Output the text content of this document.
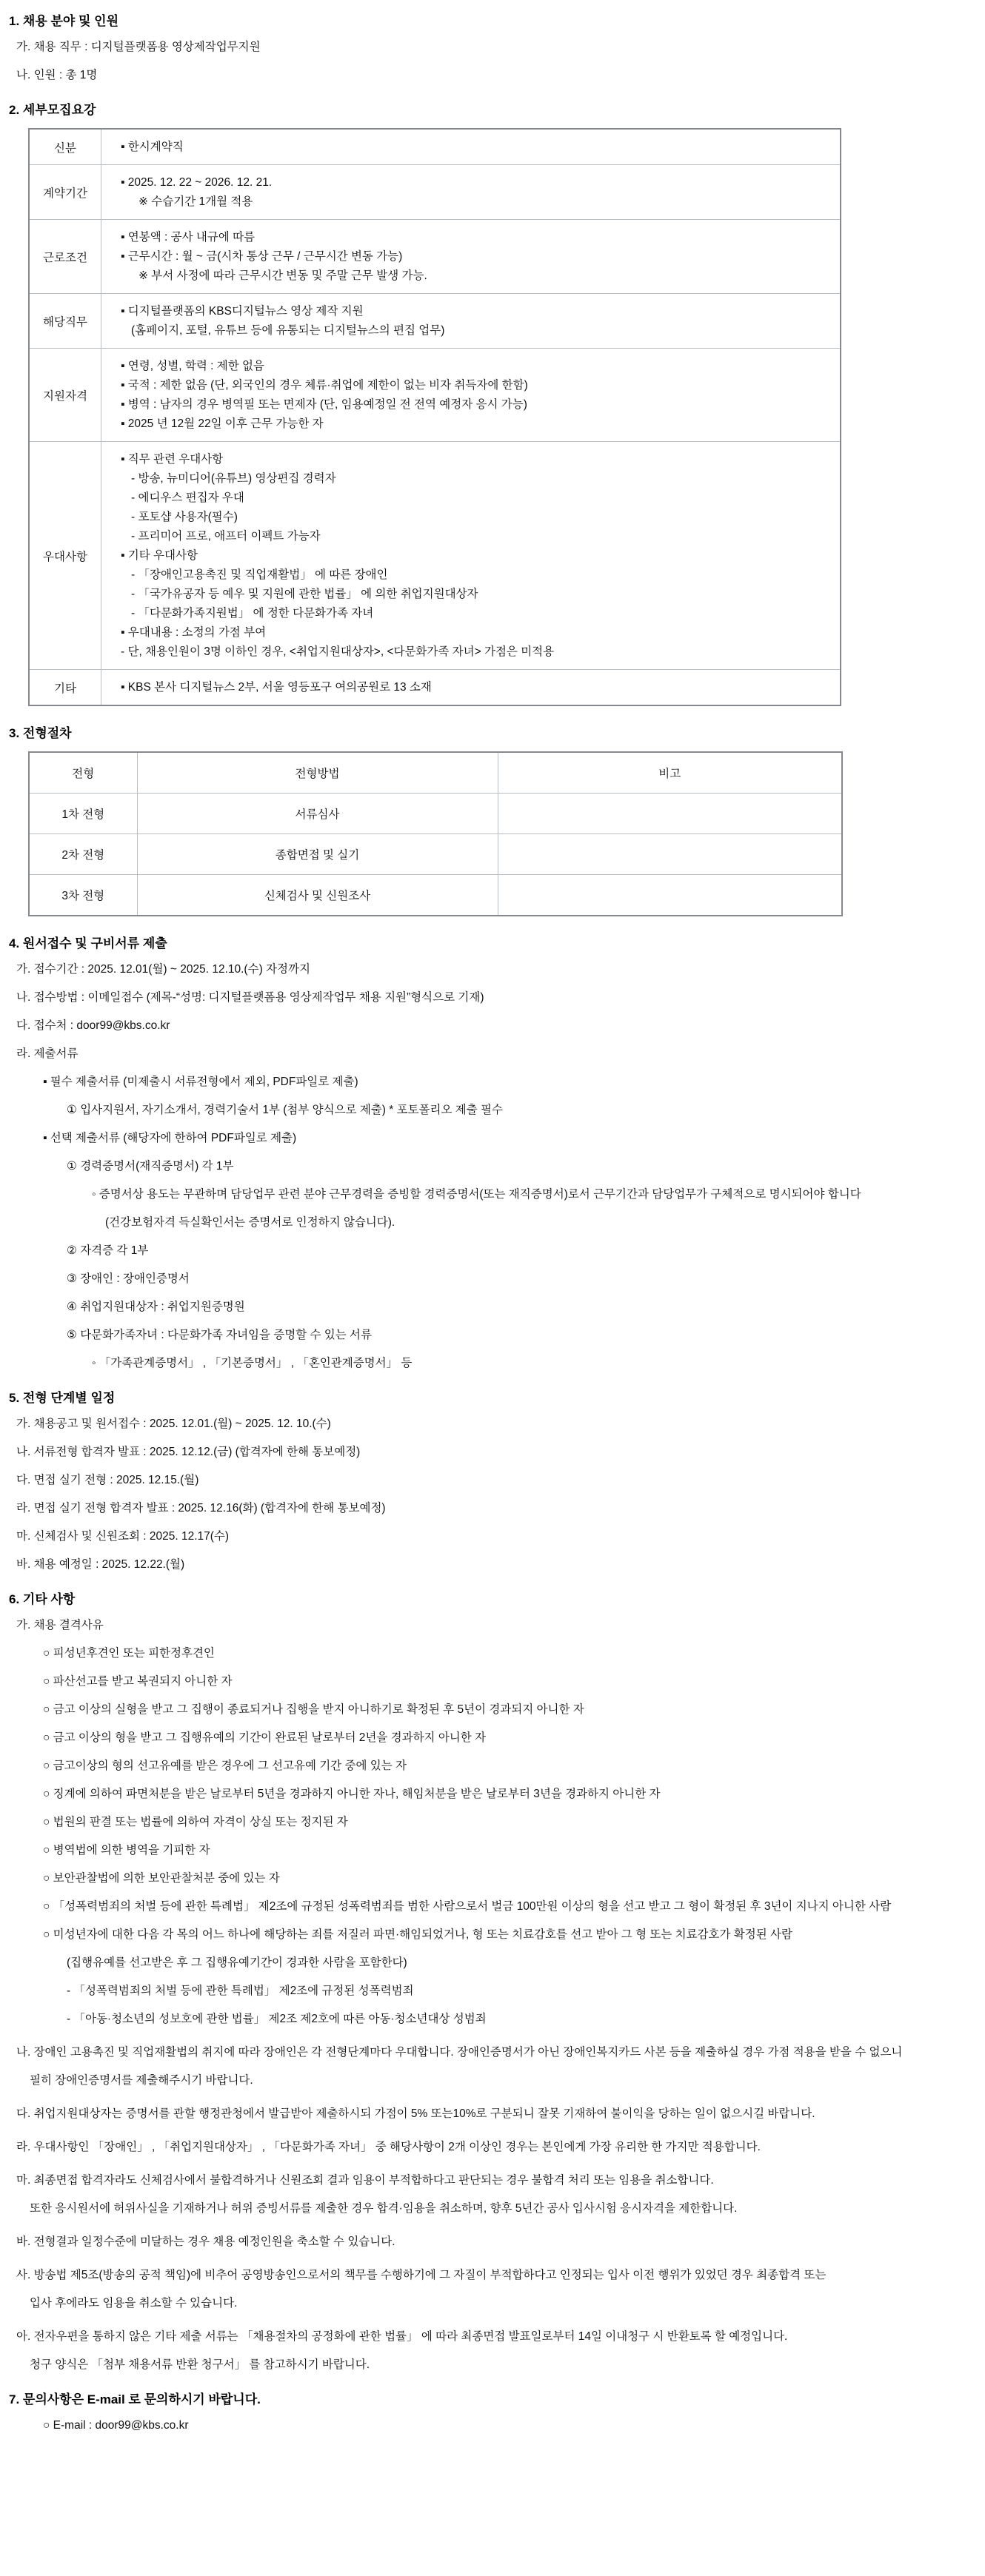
1. 채용 분야 및 인원
가. 채용 직무 : 디지털플랫폼용 영상제작업무지원
나. 인원 : 총 1명
2. 세부모집요강
신분	▪ 한시계약직

계약기간	▪ 2025. 12. 22 ~ 2026. 12. 21.
※ 수습기간 1개월 적용

근로조건	▪ 연봉액 : 공사 내규에 따름
▪ 근무시간 : 월 ~ 금(시차 통상 근무 / 근무시간 변동 가능)
※ 부서 사정에 따라 근무시간 변동 및 주말 근무 발생 가능.

해당직무	▪ 디지털플랫폼의 KBS디지털뉴스 영상 제작 지원
(홈페이지, 포털, 유튜브 등에 유통되는 디지털뉴스의 편집 업무)

지원자격	▪ 연령, 성별, 학력 : 제한 없음
▪ 국적 : 제한 없음 (단, 외국인의 경우 체류·취업에 제한이 없는 비자 취득자에 한함)
▪ 병역 : 남자의 경우 병역필 또는 면제자 (단, 임용예정일 전 전역 예정자 응시 가능)
▪ 2025 년 12월 22일 이후 근무 가능한 자

우대사항	
▪ 직무 관련 우대사항
- 방송, 뉴미디어(유튜브) 영상편집 경력자
- 에디우스 편집자 우대
- 포토샵 사용자(필수)
- 프리미어 프로, 애프터 이펙트 가능자
▪ 기타 우대사항
- 「장애인고용촉진 및 직업재활법」 에 따른 장애인
- 「국가유공자 등 예우 및 지원에 관한 법률」 에 의한 취업지원대상자
- 「다문화가족지원법」 에 정한 다문화가족 자녀
▪ 우대내용 : 소정의 가점 부여
- 단, 채용인원이 3명 이하인 경우, <취업지원대상자>, <다문화가족 자녀> 가점은 미적용

기타	▪ KBS 본사 디지털뉴스 2부, 서울 영등포구 여의공원로 13 소재
3. 전형절차
전형	전형방법	비고
1차 전형	서류심사	
2차 전형	종합면접 및 실기	
3차 전형	신체검사 및 신원조사	
4. 원서접수 및 구비서류 제출
가. 접수기간 : 2025. 12.01(월) ~ 2025. 12.10.(수) 자정까지
나. 접수방법 : 이메일접수 (제목-“성명: 디지털플랫폼용 영상제작업무 채용 지원”형식으로 기재)
다. 접수처 : door99@kbs.co.kr
라. 제출서류
▪ 필수 제출서류 (미제출시 서류전형에서 제외, PDF파일로 제출)
① 입사지원서, 자기소개서, 경력기술서 1부 (첨부 양식으로 제출) * 포토폴리오 제출 필수
▪ 선택 제출서류 (해당자에 한하여 PDF파일로 제출)
① 경력증명서(재직증명서) 각 1부
◦ 증명서상 용도는 무관하며 담당업무 관련 분야 근무경력을 증빙할 경력증명서(또는 재직증명서)로서 근무기간과 담당업무가 구체적으로 명시되어야 합니다
(건강보험자격 득실확인서는 증명서로 인정하지 않습니다).
② 자격증 각 1부
③ 장애인 : 장애인증명서
④ 취업지원대상자 : 취업지원증명원
⑤ 다문화가족자녀 : 다문화가족 자녀임을 증명할 수 있는 서류
◦ 「가족관계증명서」 , 「기본증명서」 , 「혼인관계증명서」 등
5. 전형 단계별 일정
가. 채용공고 및 원서접수 : 2025. 12.01.(월) ~ 2025. 12. 10.(수)
나. 서류전형 합격자 발표 : 2025. 12.12.(금) (합격자에 한해 통보예정)
다. 면접 실기 전형 : 2025. 12.15.(월)
라. 면접 실기 전형 합격자 발표 : 2025. 12.16(화) (합격자에 한해 통보예정)
마. 신체검사 및 신원조회 : 2025. 12.17(수)
바. 채용 예정일 : 2025. 12.22.(월)
6. 기타 사항
가. 채용 결격사유
○ 피성년후견인 또는 피한정후견인
○ 파산선고를 받고 복권되지 아니한 자
○ 금고 이상의 실형을 받고 그 집행이 종료되거나 집행을 받지 아니하기로 확정된 후 5년이 경과되지 아니한 자
○ 금고 이상의 형을 받고 그 집행유예의 기간이 완료된 날로부터 2년을 경과하지 아니한 자
○ 금고이상의 형의 선고유예를 받은 경우에 그 선고유예 기간 중에 있는 자
○ 징계에 의하여 파면처분을 받은 날로부터 5년을 경과하지 아니한 자나, 해임처분을 받은 날로부터 3년을 경과하지 아니한 자
○ 법원의 판결 또는 법률에 의하여 자격이 상실 또는 정지된 자
○ 병역법에 의한 병역을 기피한 자
○ 보안관찰법에 의한 보안관찰처분 중에 있는 자
○ 「성폭력범죄의 처벌 등에 관한 특례법」 제2조에 규정된 성폭력범죄를 범한 사람으로서 벌금 100만원 이상의 형을 선고 받고 그 형이 확정된 후 3년이 지나지 아니한 사람
○ 미성년자에 대한 다음 각 목의 어느 하나에 해당하는 죄를 저질러 파면·해임되었거나, 형 또는 치료감호를 선고 받아 그 형 또는 치료감호가 확정된 사람
(집행유예를 선고받은 후 그 집행유예기간이 경과한 사람을 포함한다)
- 「성폭력범죄의 처벌 등에 관한 특례법」 제2조에 규정된 성폭력범죄
- 「아동·청소년의 성보호에 관한 법률」 제2조 제2호에 따른 아동·청소년대상 성범죄
나. 장애인 고용촉진 및 직업재활법의 취지에 따라 장애인은 각 전형단계마다 우대합니다. 장애인증명서가 아닌 장애인복지카드 사본 등을 제출하실 경우 가점 적용을 받을 수 없으니
필히 장애인증명서를 제출해주시기 바랍니다.
다. 취업지원대상자는 증명서를 관할 행정관청에서 발급받아 제출하시되 가점이 5% 또는10%로 구분되니 잘못 기재하여 불이익을 당하는 일이 없으시길 바랍니다.
라. 우대사항인 「장애인」 , 「취업지원대상자」 , 「다문화가족 자녀」 중 해당사항이 2개 이상인 경우는 본인에게 가장 유리한 한 가지만 적용합니다.
마. 최종면접 합격자라도 신체검사에서 불합격하거나 신원조회 결과 임용이 부적합하다고 판단되는 경우 불합격 처리 또는 임용을 취소합니다.
또한 응시원서에 허위사실을 기재하거나 허위 증빙서류를 제출한 경우 합격·임용을 취소하며, 향후 5년간 공사 입사시험 응시자격을 제한합니다.
바. 전형결과 일정수준에 미달하는 경우 채용 예정인원을 축소할 수 있습니다.
사. 방송법 제5조(방송의 공적 책임)에 비추어 공영방송인으로서의 책무를 수행하기에 그 자질이 부적합하다고 인정되는 입사 이전 행위가 있었던 경우 최종합격 또는
입사 후에라도 임용을 취소할 수 있습니다.
아. 전자우편을 통하지 않은 기타 제출 서류는 「채용절차의 공정화에 관한 법률」 에 따라 최종면접 발표일로부터 14일 이내청구 시 반환토록 할 예정입니다.
청구 양식은 「첨부 채용서류 반환 청구서」 를 참고하시기 바랍니다.
7. 문의사항은 E-mail 로 문의하시기 바랍니다.
○ E-mail : door99@kbs.co.kr
